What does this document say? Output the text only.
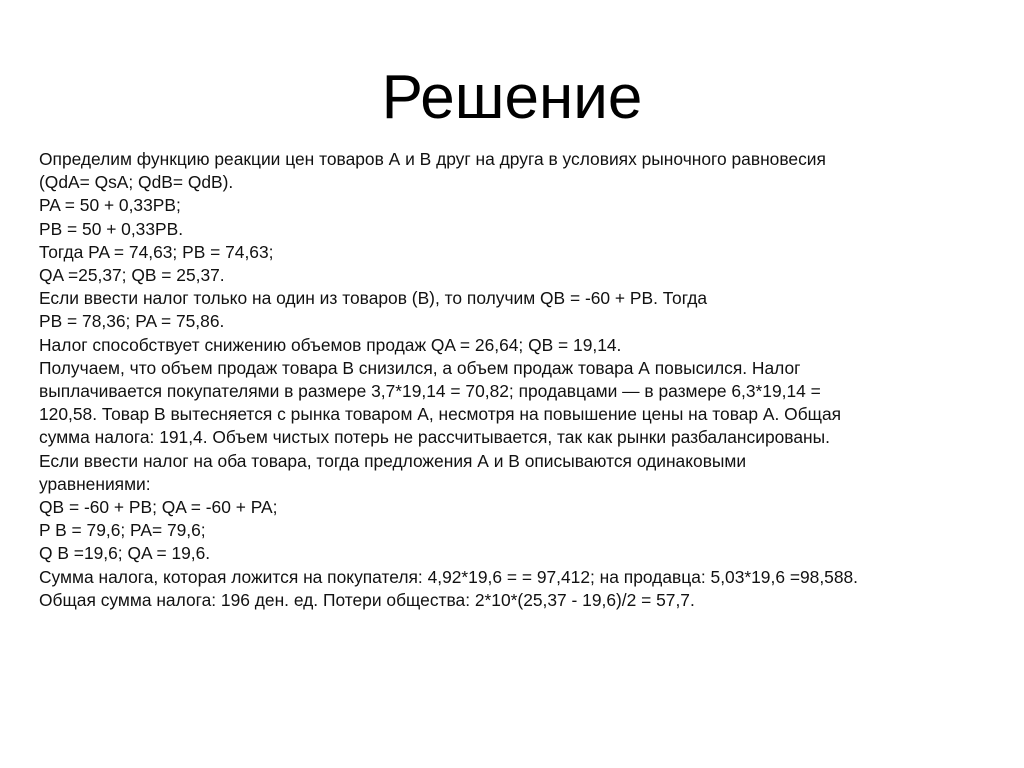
Решение
Определим функцию реакции цен товаров А и В друг на друга в условиях рыночного равновесия
(QdA= QsA; QdB= QdB).
PA = 50 + 0,33PB;
PB = 50 + 0,33PB.
Тогда PA = 74,63; PB = 74,63;
QA =25,37; QB = 25,37.
Если ввести налог только на один из товаров (В), то получим QB = -60 + PB. Тогда
PB = 78,36; PA = 75,86.
Налог способствует снижению объемов продаж QA = 26,64; QB = 19,14.
Получаем, что объем продаж товара В снизился, а объем продаж товара А повысился. Налог
выплачивается покупателями в размере 3,7*19,14 = 70,82; продавцами — в размере 6,3*19,14 =
120,58. Товар В вытесняется с рынка товаром А, несмотря на повышение цены на товар А. Общая
сумма налога: 191,4. Объем чистых потерь не рассчитывается, так как рынки разбалансированы.
Если ввести налог на оба товара, тогда предложения А и В описываются одинаковыми
уравнениями:
QB = -60 + PB; QA = -60 + PA;
P B = 79,6; PA= 79,6;
Q B =19,6; QA = 19,6.
Сумма налога, которая ложится на покупателя: 4,92*19,6 = = 97,412; на продавца: 5,03*19,6 =98,588.
Общая сумма налога: 196 ден. ед. Потери общества: 2*10*(25,37 - 19,6)/2 = 57,7.
